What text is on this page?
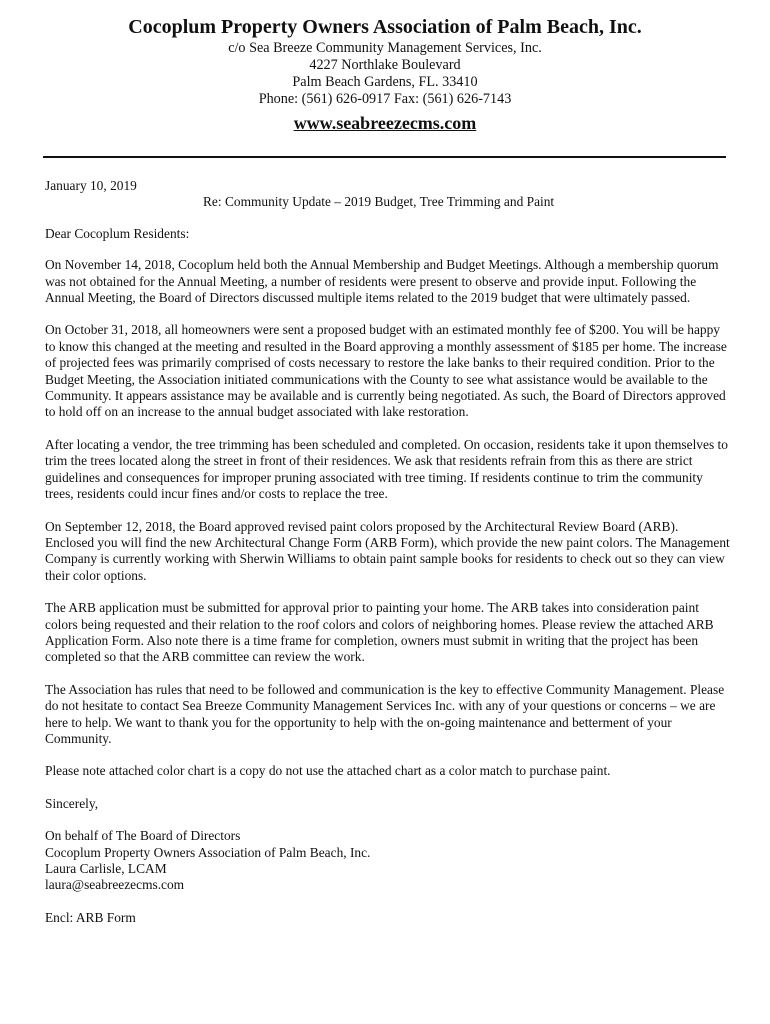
Cocoplum Property Owners Association of Palm Beach, Inc.
c/o Sea Breeze Community Management Services, Inc.
4227 Northlake Boulevard
Palm Beach Gardens, FL. 33410
Phone: (561) 626-0917 Fax: (561) 626-7143
www.seabreezecms.com

January 10, 2019

Re: Community Update – 2019 Budget, Tree Trimming and Paint

Dear Cocoplum Residents:

On November 14, 2018, Cocoplum held both the Annual Membership and Budget Meetings. Although a membership quorum was not obtained for the Annual Meeting, a number of residents were present to observe and provide input. Following the Annual Meeting, the Board of Directors discussed multiple items related to the 2019 budget that were ultimately passed.

On October 31, 2018, all homeowners were sent a proposed budget with an estimated monthly fee of $200. You will be happy to know this changed at the meeting and resulted in the Board approving a monthly assessment of $185 per home. The increase of projected fees was primarily comprised of costs necessary to restore the lake banks to their required condition. Prior to the Budget Meeting, the Association initiated communications with the County to see what assistance would be available to the Community. It appears assistance may be available and is currently being negotiated. As such, the Board of Directors approved to hold off on an increase to the annual budget associated with lake restoration.

After locating a vendor, the tree trimming has been scheduled and completed. On occasion, residents take it upon themselves to trim the trees located along the street in front of their residences. We ask that residents refrain from this as there are strict guidelines and consequences for improper pruning associated with tree timing. If residents continue to trim the community trees, residents could incur fines and/or costs to replace the tree.

On September 12, 2018, the Board approved revised paint colors proposed by the Architectural Review Board (ARB). Enclosed you will find the new Architectural Change Form (ARB Form), which provide the new paint colors. The Management Company is currently working with Sherwin Williams to obtain paint sample books for residents to check out so they can view their color options.

The ARB application must be submitted for approval prior to painting your home. The ARB takes into consideration paint colors being requested and their relation to the roof colors and colors of neighboring homes. Please review the attached ARB Application Form. Also note there is a time frame for completion, owners must submit in writing that the project has been completed so that the ARB committee can review the work.

The Association has rules that need to be followed and communication is the key to effective Community Management. Please do not hesitate to contact Sea Breeze Community Management Services Inc. with any of your questions or concerns – we are here to help. We want to thank you for the opportunity to help with the on-going maintenance and betterment of your Community.

Please note attached color chart is a copy do not use the attached chart as a color match to purchase paint.

Sincerely,

On behalf of The Board of Directors

Cocoplum Property Owners Association of Palm Beach, Inc.

Laura Carlisle, LCAM

laura@seabreezecms.com

Encl: ARB Form
